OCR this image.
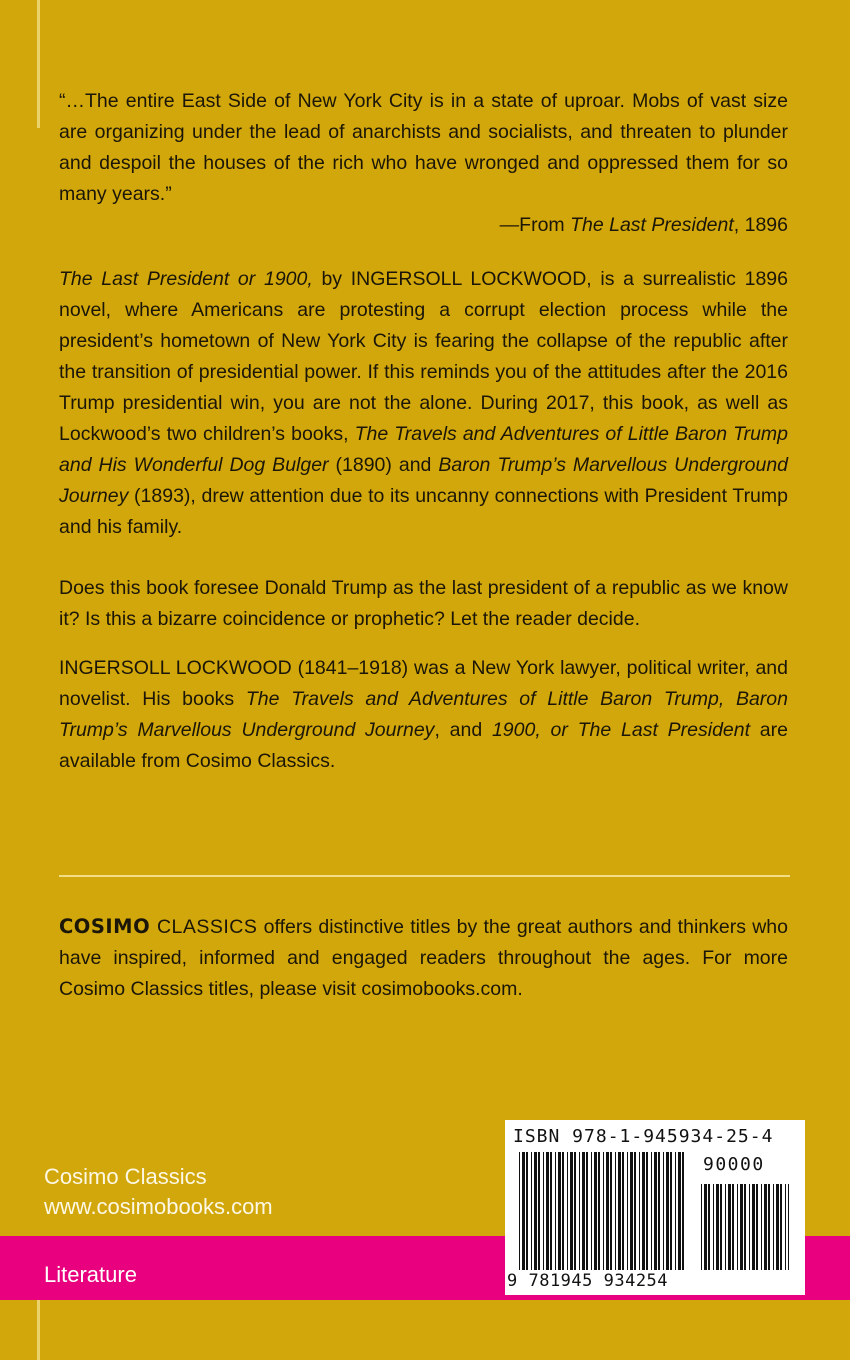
“…The entire East Side of New York City is in a state of uproar. Mobs of vast size are organizing under the lead of anarchists and socialists, and threaten to plunder and despoil the houses of the rich who have wronged and oppressed them for so many years.”
—From The Last President, 1896

The Last President or 1900, by INGERSOLL LOCKWOOD, is a surrealistic 1896 novel, where Americans are protesting a corrupt election process while the president’s hometown of New York City is fearing the collapse of the republic after the transition of presidential power. If this reminds you of the attitudes after the 2016 Trump presidential win, you are not the alone. During 2017, this book, as well as Lockwood’s two children’s books, The Travels and Adventures of Little Baron Trump and His Wonderful Dog Bulger (1890) and Baron Trump’s Marvellous Underground Journey (1893), drew attention due to its uncanny connections with President Trump and his family.

Does this book foresee Donald Trump as the last president of a republic as we know it? Is this a bizarre coincidence or prophetic? Let the reader decide.

INGERSOLL LOCKWOOD (1841–1918) was a New York lawyer, political writer, and novelist. His books The Travels and Adventures of Little Baron Trump, Baron Trump’s Marvellous Underground Journey, and 1900, or The Last President are available from Cosimo Classics.

COSIMO CLASSICS offers distinctive titles by the great authors and thinkers who have inspired, informed and engaged readers throughout the ages. For more Cosimo Classics titles, please visit cosimobooks.com.
Cosimo Classics
www.cosimobooks.com
Literature
ISBN 978-1-945934-25-4
90000
9 781945 934254
